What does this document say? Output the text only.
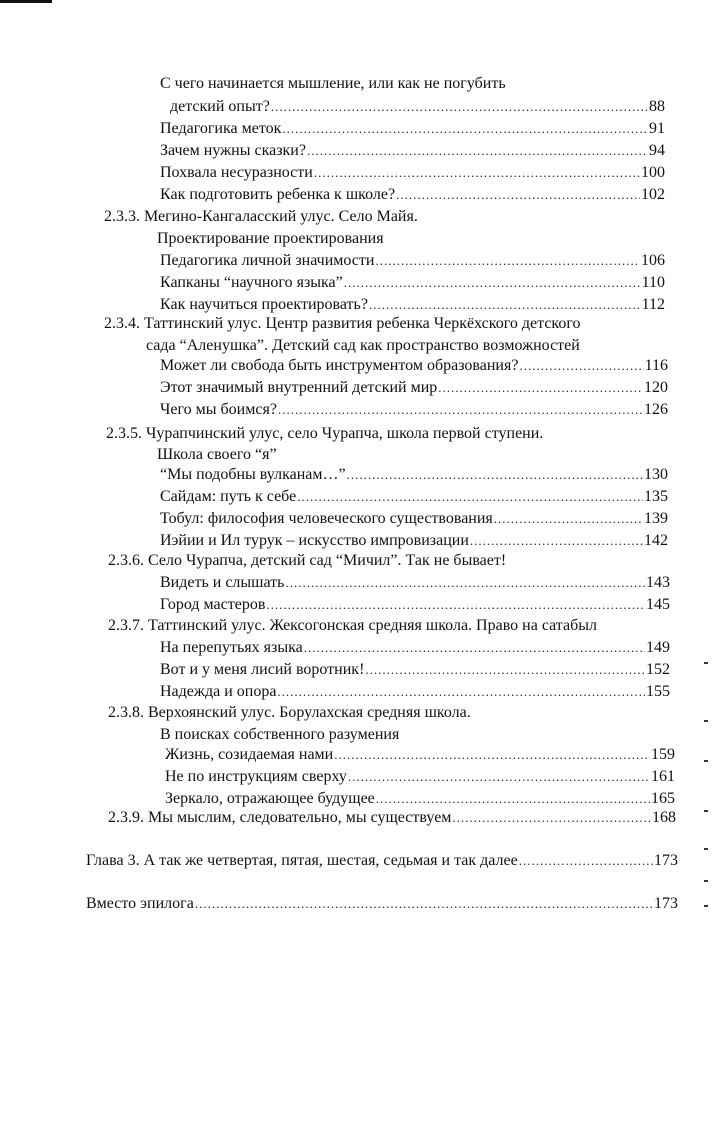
С чего начинается мышление, или как не погубить
детский опыт? .....	88
Педагогика меток .....	91
Зачем нужны сказки? .....	94
Похвала несуразности .....	100
Как подготовить ребенка к школе? .....	102
2.3.3. Мегино-Кангаласский улус. Село Майя.
Проектирование проектирования
Педагогика личной значимости .....	106
Капканы “научного языка” .....	110
Как научиться проектировать? .....	112
2.3.4. Таттинский улус. Центр развития ребенка Черкёхского детского
сада “Аленушка”. Детский сад как пространство возможностей
Может ли свобода быть инструментом образования? .....	116
Этот значимый внутренний детский мир .....	120
Чего мы боимся? .....	126
2.3.5. Чурапчинский улус, село Чурапча, школа первой ступени.
Школа своего “я”
“Мы подобны вулканам…” .....	130
Сайдам: путь к себе .....	135
Тобул: философия человеческого существования .....	139
Иэйии и Ил турук – искусство импровизации .....	142
2.3.6. Село Чурапча, детский сад “Мичил”. Так не бывает!
Видеть и слышать .....	143
Город мастеров .....	145
2.3.7. Таттинский улус. Жексогонская средняя школа. Право на сатабыл
На перепутьях языка .....	149
Вот и у меня лисий воротник! .....	152
Надежда и опора .....	155
2.3.8. Верхоянский улус. Борулахская средняя школа.
В поисках собственного разумения
Жизнь, созидаемая нами .....	159
Не по инструкциям сверху .....	161
Зеркало, отражающее будущее .....	165
2.3.9. Мы мыслим, следовательно, мы существуем .....	168
Глава 3. А так же четвертая, пятая, шестая, седьмая и так далее .....	173
Вместо эпилога .....	173
